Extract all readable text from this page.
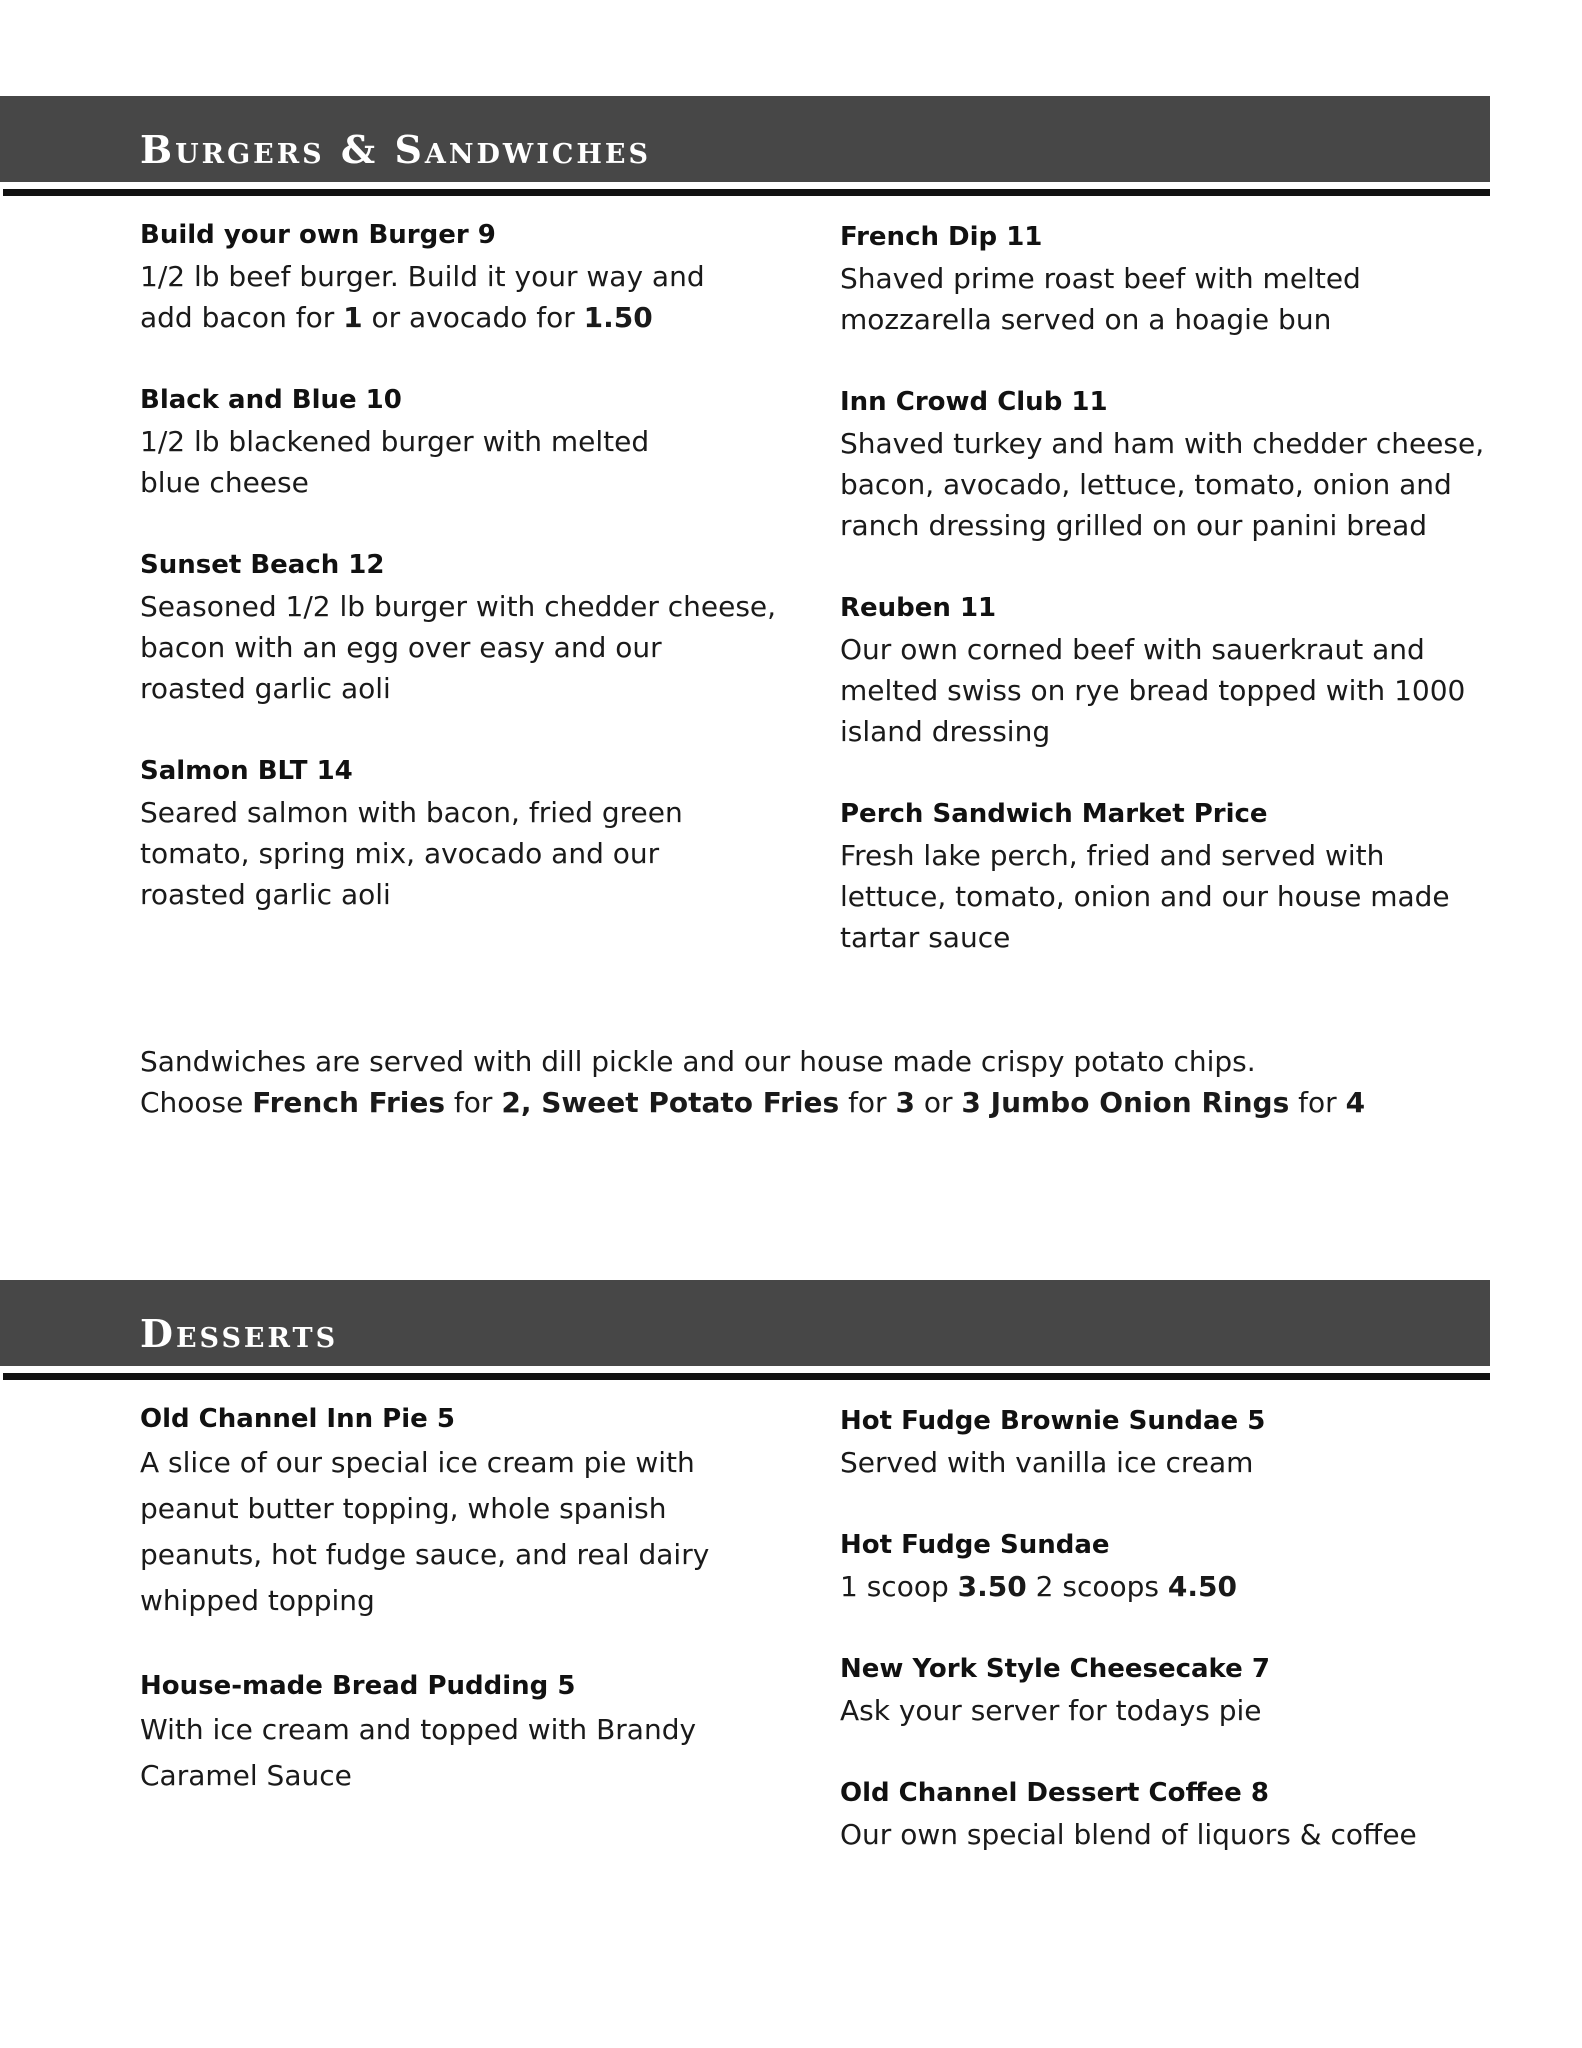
Burgers & Sandwiches
Build your own Burger 9
1/2 lb beef burger. Build it your way and
add bacon for 1 or avocado for 1.50
Black and Blue 10
1/2 lb blackened burger with melted
blue cheese
Sunset Beach 12
Seasoned 1/2 lb burger with chedder cheese,
bacon with an egg over easy and our
roasted garlic aoli
Salmon BLT 14
Seared salmon with bacon, fried green
tomato, spring mix, avocado and our
roasted garlic aoli
French Dip 11
Shaved prime roast beef with melted
mozzarella served on a hoagie bun
Inn Crowd Club 11
Shaved turkey and ham with chedder cheese,
bacon, avocado, lettuce, tomato, onion and
ranch dressing grilled on our panini bread
Reuben 11
Our own corned beef with sauerkraut and
melted swiss on rye bread topped with 1000
island dressing
Perch Sandwich Market Price
Fresh lake perch, fried and served with
lettuce, tomato, onion and our house made
tartar sauce
Sandwiches are served with dill pickle and our house made crispy potato chips.
Choose French Fries for 2, Sweet Potato Fries for 3 or 3 Jumbo Onion Rings for 4
Desserts
Old Channel Inn Pie 5
A slice of our special ice cream pie with
peanut butter topping, whole spanish
peanuts, hot fudge sauce, and real dairy
whipped topping
House-made Bread Pudding 5
With ice cream and topped with Brandy
Caramel Sauce
Hot Fudge Brownie Sundae 5
Served with vanilla ice cream
Hot Fudge Sundae
1 scoop 3.50 2 scoops 4.50
New York Style Cheesecake 7
Ask your server for todays pie
Old Channel Dessert Coffee 8
Our own special blend of liquors & coffee
